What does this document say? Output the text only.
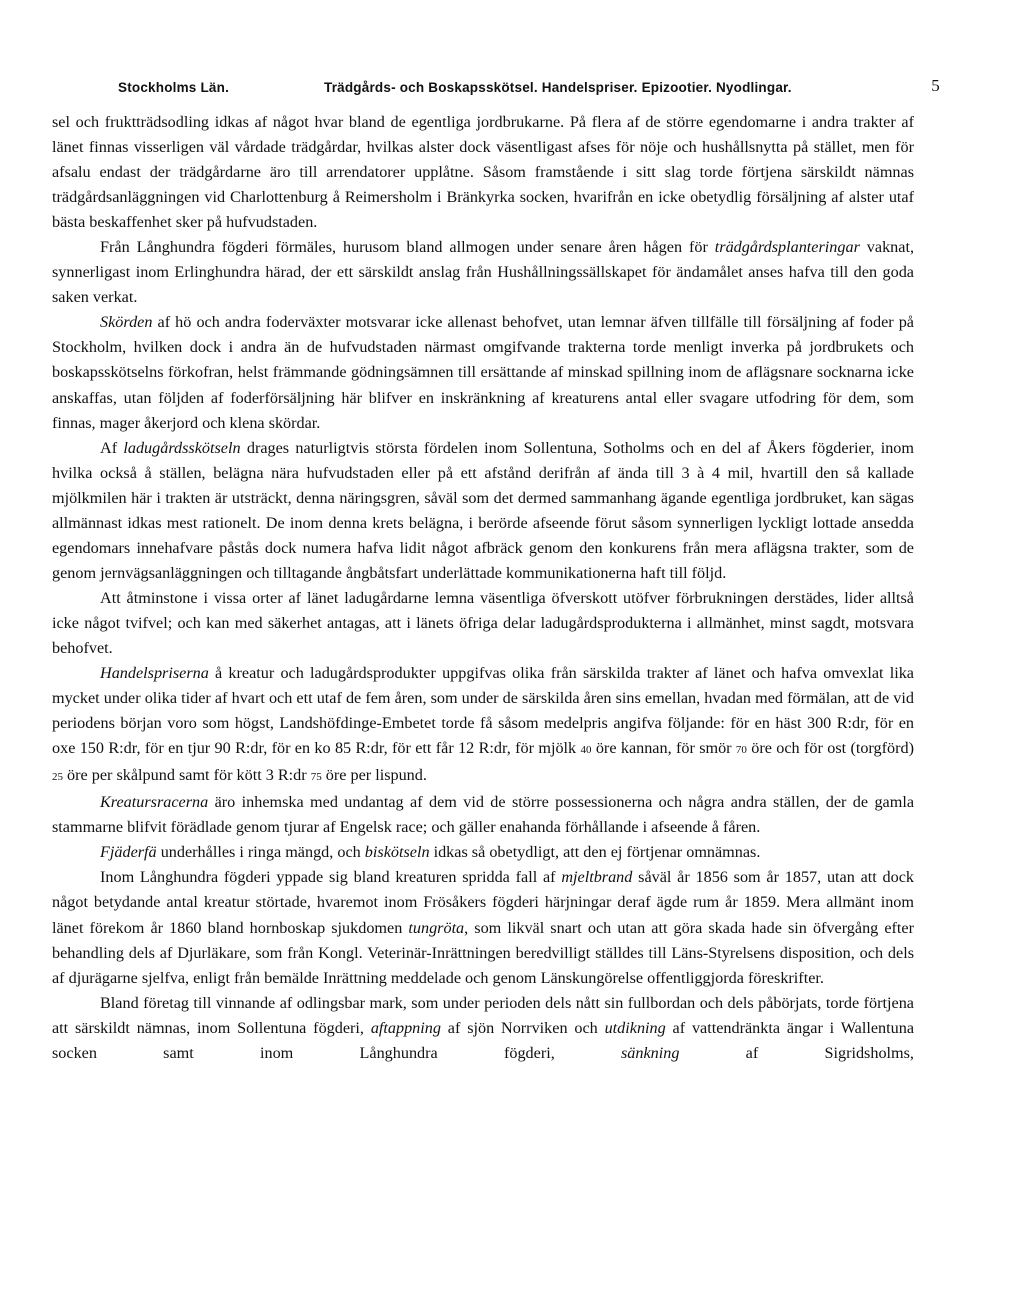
Stockholms Län.	Trädgårds- och Boskapsskötsel. Handelspriser. Epizootier. Nyodlingar.	5

sel och fruktträdsodling idkas af något hvar bland de egentliga jordbrukarne. På flera af de större egendomarne i andra trakter af länet finnas visserligen väl vårdade trädgårdar, hvilkas alster dock väsentligast afses för nöje och hushållsnytta på stället, men för afsalu endast der trädgårdarne äro till arrendatorer upplåtne. Såsom framstående i sitt slag torde förtjena särskildt nämnas trädgårdsanläggningen vid Charlottenburg å Reimersholm i Bränkyrka socken, hvarifrån en icke obetydlig försäljning af alster utaf bästa beskaffenhet sker på hufvudstaden.

Från Långhundra fögderi förmäles, hurusom bland allmogen under senare åren hågen för trädgårdsplanteringar vaknat, synnerligast inom Erlinghundra härad, der ett särskildt anslag från Hushållningssällskapet för ändamålet anses hafva till den goda saken verkat.

Skörden af hö och andra foderväxter motsvarar icke allenast behofvet, utan lemnar äfven tillfälle till försäljning af foder på Stockholm, hvilken dock i andra än de hufvudstaden närmast omgifvande trakterna torde menligt inverka på jordbrukets och boskapsskötselns förkofran, helst främmande gödningsämnen till ersättande af minskad spillning inom de aflägsnare socknarna icke anskaffas, utan följden af foderförsäljning här blifver en inskränkning af kreaturens antal eller svagare utfodring för dem, som finnas, mager åkerjord och klena skördar.

Af ladugårdsskötseln drages naturligtvis största fördelen inom Sollentuna, Sotholms och en del af Åkers fögderier, inom hvilka också å ställen, belägna nära hufvudstaden eller på ett afstånd derifrån af ända till 3 à 4 mil, hvartill den så kallade mjölkmilen här i trakten är utsträckt, denna näringsgren, såväl som det dermed sammanhang ägande egentliga jordbruket, kan sägas allmännast idkas mest rationelt. De inom denna krets belägna, i berörde afseende förut såsom synnerligen lyckligt lottade ansedda egendomars innehafvare påstås dock numera hafva lidit något afbräck genom den konkurens från mera aflägsna trakter, som de genom jernvägsanläggningen och tilltagande ångbåtsfart underlättade kommunikationerna haft till följd.

Att åtminstone i vissa orter af länet ladugårdarne lemna väsentliga öfverskott utöfver förbrukningen derstädes, lider alltså icke något tvifvel; och kan med säkerhet antagas, att i länets öfriga delar ladugårdsprodukterna i allmänhet, minst sagdt, motsvara behofvet.

Handelspriserna å kreatur och ladugårdsprodukter uppgifvas olika från särskilda trakter af länet och hafva omvexlat lika mycket under olika tider af hvart och ett utaf de fem åren, som under de särskilda åren sins emellan, hvadan med förmälan, att de vid periodens början voro som högst, Landshöfdinge-Embetet torde få såsom medelpris angifva följande: för en häst 300 R:dr, för en oxe 150 R:dr, för en tjur 90 R:dr, för en ko 85 R:dr, för ett får 12 R:dr, för mjölk 40 öre kannan, för smör 70 öre och för ost (torgförd) 25 öre per skålpund samt för kött 3 R:dr 75 öre per lispund.

Kreatursracerna äro inhemska med undantag af dem vid de större possessionerna och några andra ställen, der de gamla stammarne blifvit förädlade genom tjurar af Engelsk race; och gäller enahanda förhållande i afseende å fåren.

Fjäderfä underhålles i ringa mängd, och biskötseln idkas så obetydligt, att den ej förtjenar omnämnas.

Inom Långhundra fögderi yppade sig bland kreaturen spridda fall af mjeltbrand såväl år 1856 som år 1857, utan att dock något betydande antal kreatur störtade, hvaremot inom Frösåkers fögderi härjningar deraf ägde rum år 1859. Mera allmänt inom länet förekom år 1860 bland hornboskap sjukdomen tungröta, som likväl snart och utan att göra skada hade sin öfvergång efter behandling dels af Djurläkare, som från Kongl. Veterinär-Inrättningen beredvilligt ställdes till Läns-Styrelsens disposition, och dels af djurägarne sjelfva, enligt från bemälde Inrättning meddelade och genom Länskungörelse offentliggjorda föreskrifter.

Bland företag till vinnande af odlingsbar mark, som under perioden dels nått sin fullbordan och dels påbörjats, torde förtjena att särskildt nämnas, inom Sollentuna fögderi, aftappning af sjön Norrviken och utdikning af vattendränkta ängar i Wallentuna socken samt inom Långhundra fögderi, sänkning af Sigridsholms,
